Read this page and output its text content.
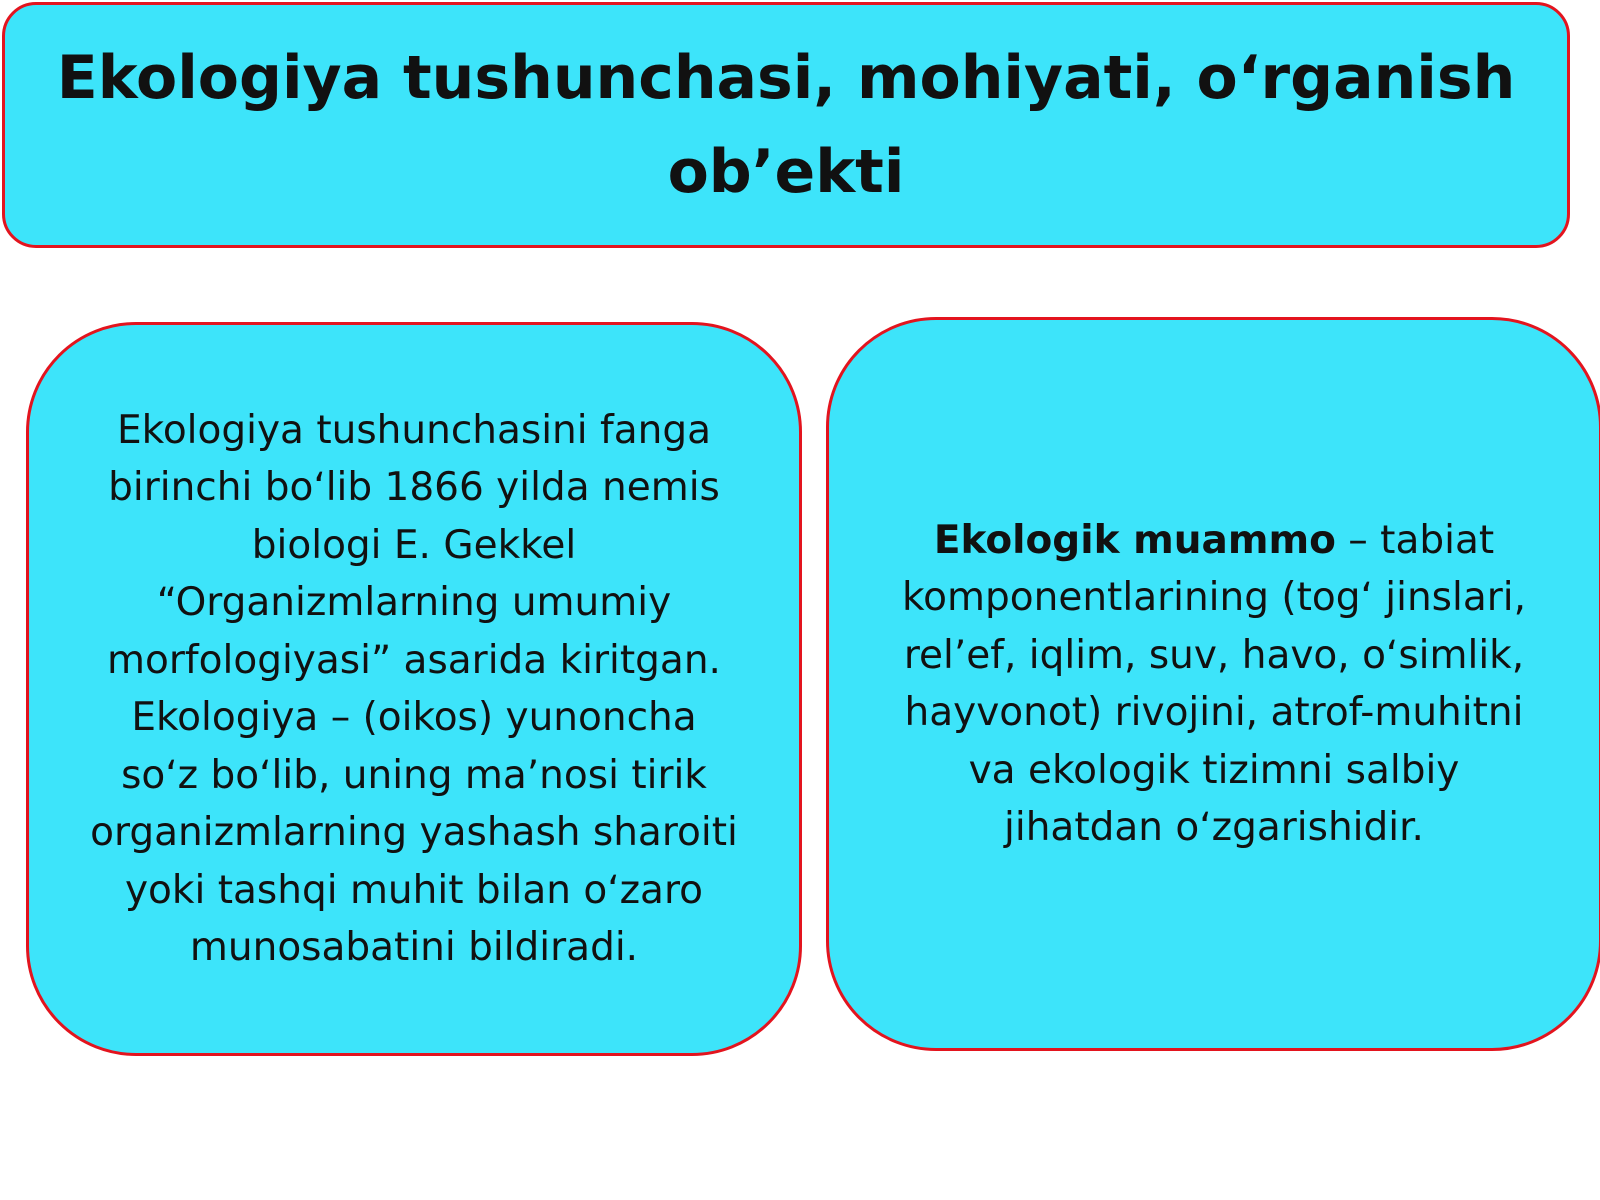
Ekologiya tushunchasi, mohiyati, o‘rganish
ob’ekti

Ekologiya tushunchasini fanga
birinchi bo‘lib 1866 yilda nemis
biologi E. Gekkel
“Organizmlarning umumiy
morfologiyasi” asarida kiritgan.
Ekologiya – (oikos) yunoncha
so‘z bo‘lib, uning ma’nosi tirik
organizmlarning yashash sharoiti
yoki tashqi muhit bilan o‘zaro
munosabatini bildiradi.

Ekologik muammo – tabiat
komponentlarining (tog‘ jinslari,
rel’ef, iqlim, suv, havo, o‘simlik,
hayvonot) rivojini, atrof-muhitni
va ekologik tizimni salbiy
jihatdan o‘zgarishidir.
